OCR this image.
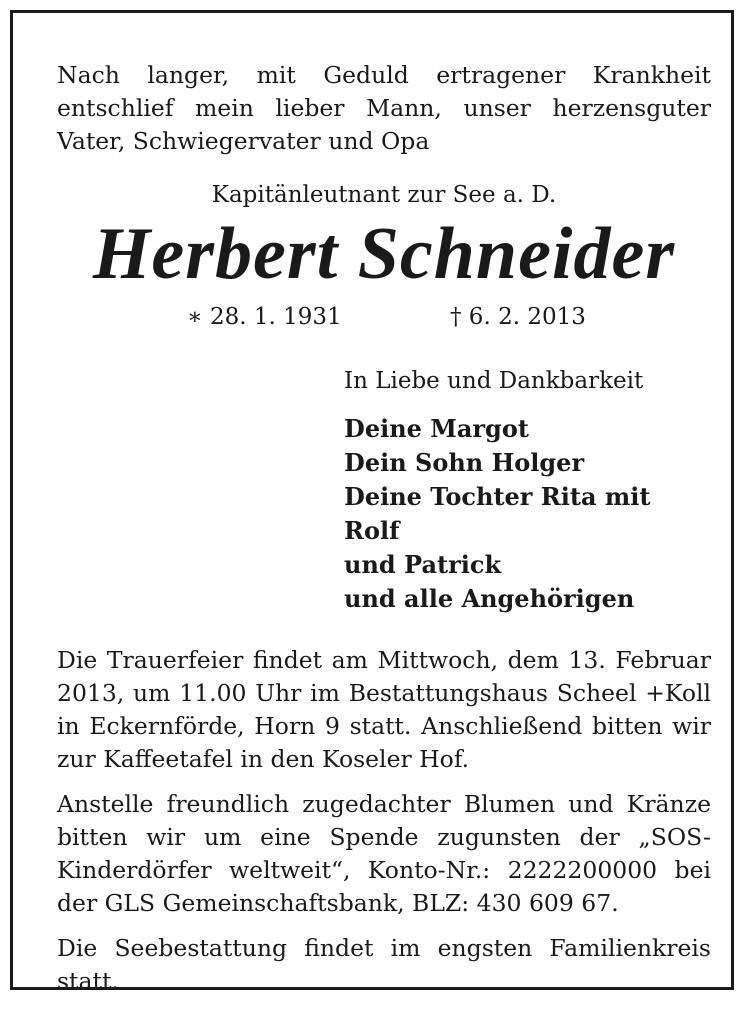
Nach langer, mit Geduld ertragener Krankheit entschlief mein lieber Mann, unser herzensguter Vater, Schwiegervater und Opa

Kapitänleutnant zur See a. D.

Herbert Schneider
∗ 28. 1. 1931	† 6. 2. 2013

In Liebe und Dankbarkeit

Deine Margot
Dein Sohn Holger
Deine Tochter Rita mit Rolf
und Patrick
und alle Angehörigen

Die Trauerfeier findet am Mittwoch, dem 13. Februar 2013, um 11.00 Uhr im Bestattungshaus Scheel +Koll in Eckernförde, Horn 9 statt. Anschließend bitten wir zur Kaffeetafel in den Koseler Hof.

Anstelle freundlich zugedachter Blumen und Kränze bitten wir um eine Spende zugunsten der „SOS-Kinderdörfer weltweit“, Konto-Nr.: 2222200000 bei der GLS Gemeinschaftsbank, BLZ: 430 609 67.

Die Seebestattung findet im engsten Familienkreis statt.
